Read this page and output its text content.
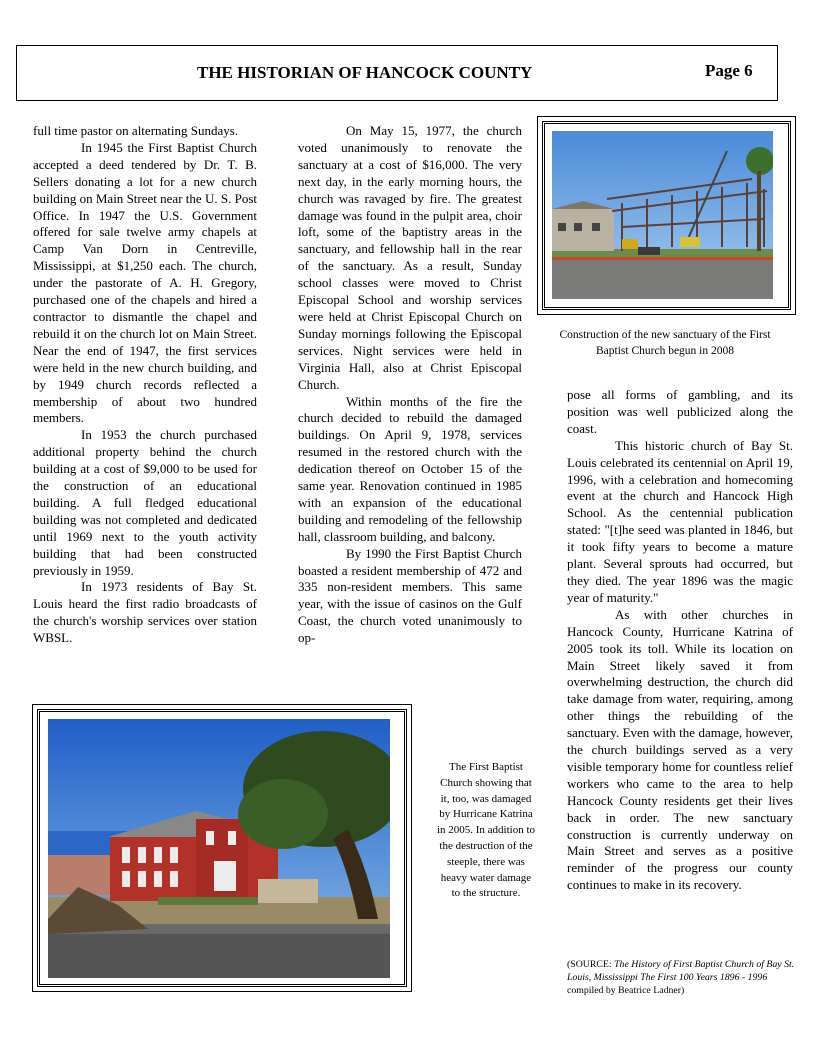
THE HISTORIAN OF HANCOCK COUNTY	Page 6

full time pastor on alternating Sundays.

In 1945 the First Baptist Church accepted a deed tendered by Dr. T. B. Sellers donating a lot for a new church building on Main Street near the U. S. Post Office. In 1947 the U.S. Government offered for sale twelve army chapels at Camp Van Dorn in Centreville, Mississippi, at $1,250 each. The church, under the pastorate of A. H. Gregory, purchased one of the chapels and hired a contractor to dismantle the chapel and rebuild it on the church lot on Main Street. Near the end of 1947, the first services were held in the new church building, and by 1949 church records reflected a membership of about two hundred members.

In 1953 the church purchased additional property behind the church building at a cost of $9,000 to be used for the construction of an educational building. A full fledged educational building was not completed and dedicated until 1969 next to the youth activity building that had been constructed previously in 1959.

In 1973 residents of Bay St. Louis heard the first radio broadcasts of the church's worship services over station WBSL.

On May 15, 1977, the church voted unanimously to renovate the sanctuary at a cost of $16,000. The very next day, in the early morning hours, the church was ravaged by fire. The greatest damage was found in the pulpit area, choir loft, some of the baptistry areas in the sanctuary, and fellowship hall in the rear of the sanctuary. As a result, Sunday school classes were moved to Christ Episcopal School and worship services were held at Christ Episcopal Church on Sunday mornings following the Episcopal services. Night services were held in Virginia Hall, also at Christ Episcopal Church.

Within months of the fire the church decided to rebuild the damaged buildings. On April 9, 1978, services resumed in the restored church with the dedication thereof on October 15 of the same year. Renovation continued in 1985 with an expansion of the educational building and remodeling of the fellowship hall, classroom building, and balcony.

By 1990 the First Baptist Church boasted a resident membership of 472 and 335 non-resident members. This same year, with the issue of casinos on the Gulf Coast, the church voted unanimously to op-

Construction of the new sanctuary of the First Baptist Church begun in 2008

pose all forms of gambling, and its position was well publicized along the coast.

This historic church of Bay St. Louis celebrated its centennial on April 19, 1996, with a celebration and homecoming event at the church and Hancock High School. As the centennial publication stated: "[t]he seed was planted in 1846, but it took fifty years to become a mature plant. Several sprouts had occurred, but they died. The year 1896 was the magic year of maturity."

As with other churches in Hancock County, Hurricane Katrina of 2005 took its toll. While its location on Main Street likely saved it from overwhelming destruction, the church did take damage from water, requiring, among other things the rebuilding of the sanctuary. Even with the damage, however, the church buildings served as a very visible temporary home for countless relief workers who came to the area to help Hancock County residents get their lives back in order. The new sanctuary construction is currently underway on Main Street and serves as a positive reminder of the progress our county continues to make in its recovery.

The First Baptist Church showing that it, too, was damaged by Hurricane Katrina in 2005. In addition to the destruction of the steeple, there was heavy water damage to the structure.
(SOURCE: The History of First Baptist Church of Bay St. Louis, Mississippi The First 100 Years 1896 - 1996 compiled by Beatrice Ladner)
